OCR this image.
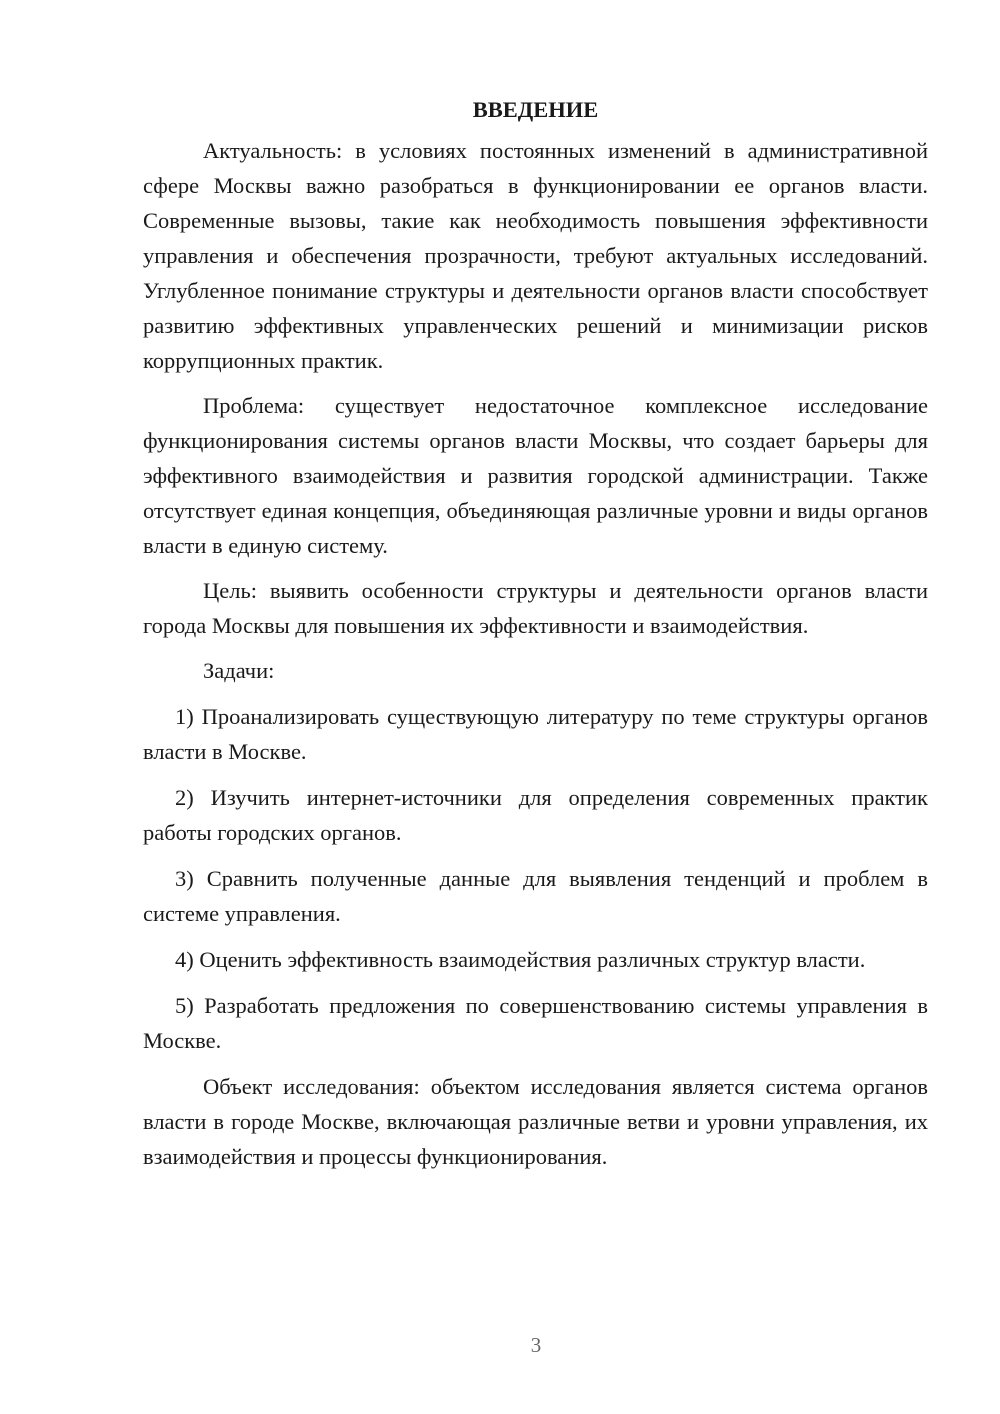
ВВЕДЕНИЕ

Актуальность: в условиях постоянных изменений в административной сфере Москвы важно разобраться в функционировании ее органов власти. Современные вызовы, такие как необходимость повышения эффективности управления и обеспечения прозрачности, требуют актуальных исследований. Углубленное понимание структуры и деятельности органов власти способствует развитию эффективных управленческих решений и минимизации рисков коррупционных практик.

Проблема: существует недостаточное комплексное исследование функционирования системы органов власти Москвы, что создает барьеры для эффективного взаимодействия и развития городской администрации. Также отсутствует единая концепция, объединяющая различные уровни и виды органов власти в единую систему.

Цель: выявить особенности структуры и деятельности органов власти города Москвы для повышения их эффективности и взаимодействия.

Задачи:

1) Проанализировать существующую литературу по теме структуры органов власти в Москве.

2) Изучить интернет-источники для определения современных практик работы городских органов.

3) Сравнить полученные данные для выявления тенденций и проблем в системе управления.

4) Оценить эффективность взаимодействия различных структур власти.

5) Разработать предложения по совершенствованию системы управления в Москве.

Объект исследования: объектом исследования является система органов власти в городе Москве, включающая различные ветви и уровни управления, их взаимодействия и процессы функционирования.

3
